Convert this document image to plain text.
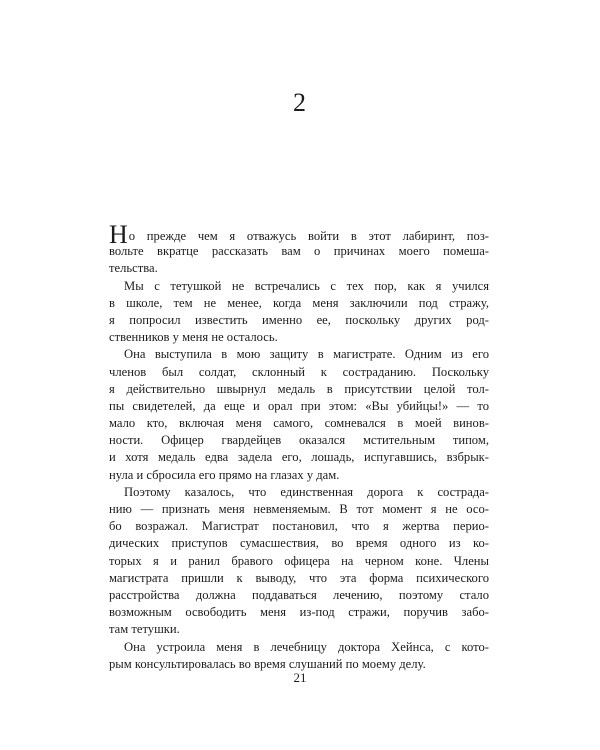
2
Но прежде чем я отважусь войти в этот лабиринт, поз-
вольте вкратце рассказать вам о причинах моего помеша-
тельства.
Мы с тетушкой не встречались с тех пор, как я учился
в школе, тем не менее, когда меня заключили под стражу,
я попросил известить именно ее, поскольку других род-
ственников у меня не осталось.
Она выступила в мою защиту в магистрате. Одним из его
членов был солдат, склонный к состраданию. Поскольку
я действительно швырнул медаль в присутствии целой тол-
пы свидетелей, да еще и орал при этом: «Вы убийцы!» — то
мало кто, включая меня самого, сомневался в моей винов-
ности. Офицер гвардейцев оказался мстительным типом,
и хотя медаль едва задела его, лошадь, испугавшись, взбрык-
нула и сбросила его прямо на глазах у дам.
Поэтому казалось, что единственная дорога к сострада-
нию — признать меня невменяемым. В тот момент я не осо-
бо возражал. Магистрат постановил, что я жертва перио-
дических приступов сумасшествия, во время одного из ко-
торых я и ранил бравого офицера на черном коне. Члены
магистрата пришли к выводу, что эта форма психического
расстройства должна поддаваться лечению, поэтому стало
возможным освободить меня из-под стражи, поручив забо-
там тетушки.
Она устроила меня в лечебницу доктора Хейнса, с кото-
рым консультировалась во время слушаний по моему делу.
21
